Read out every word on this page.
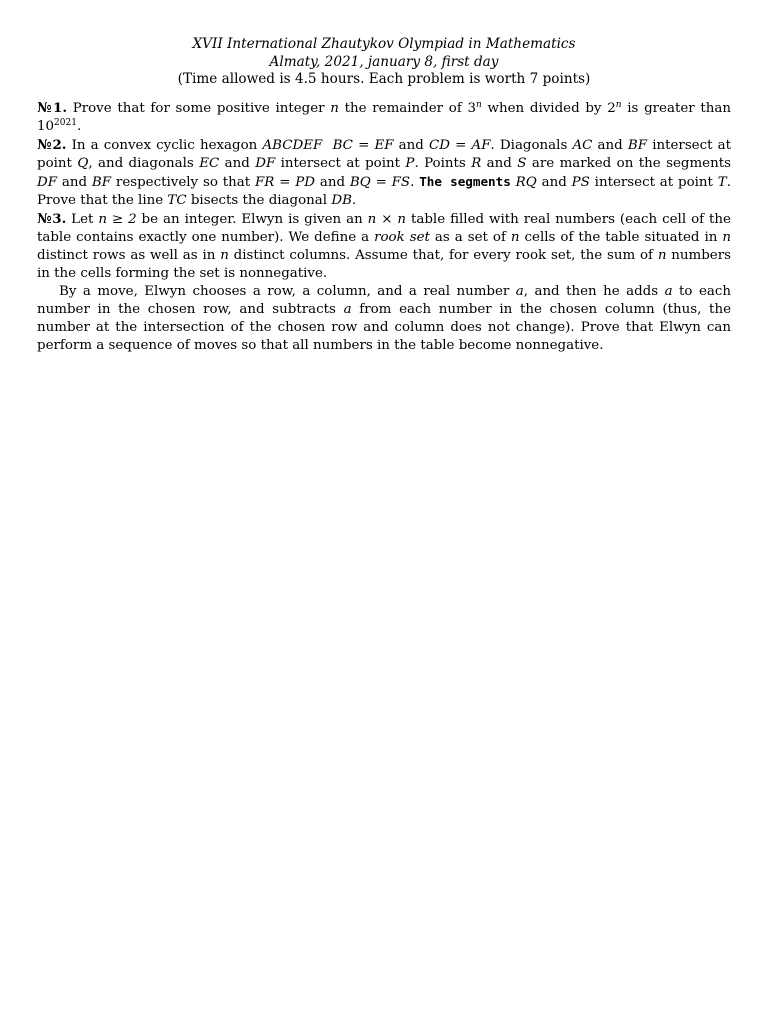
XVII International Zhautykov Olympiad in Mathematics
Almaty, 2021, january 8, first day
(Time allowed is 4.5 hours. Each problem is worth 7 points)

№1. Prove that for some positive integer n the remainder of 3$^n$ when divided by 2$^n$ is greater than $10^{2021}$.

№2. In a convex cyclic hexagon ABCDEF BC = EF and CD = AF. Diagonals AC and BF intersect at point Q, and diagonals EC and DF intersect at point P. Points R and S are marked on the segments DF and BF respectively so that FR = PD and BQ = FS. The segments RQ and PS intersect at point T. Prove that the line TC bisects the diagonal DB.

№3. Let n ≥ 2 be an integer. Elwyn is given an n × n table filled with real numbers (each cell of the table contains exactly one number). We define a rook set as a set of n cells of the table situated in n distinct rows as well as in n distinct columns. Assume that, for every rook set, the sum of n numbers in the cells forming the set is nonnegative.

By a move, Elwyn chooses a row, a column, and a real number a, and then he adds a to each number in the chosen row, and subtracts a from each number in the chosen column (thus, the number at the intersection of the chosen row and column does not change). Prove that Elwyn can perform a sequence of moves so that all numbers in the table become nonnegative.
